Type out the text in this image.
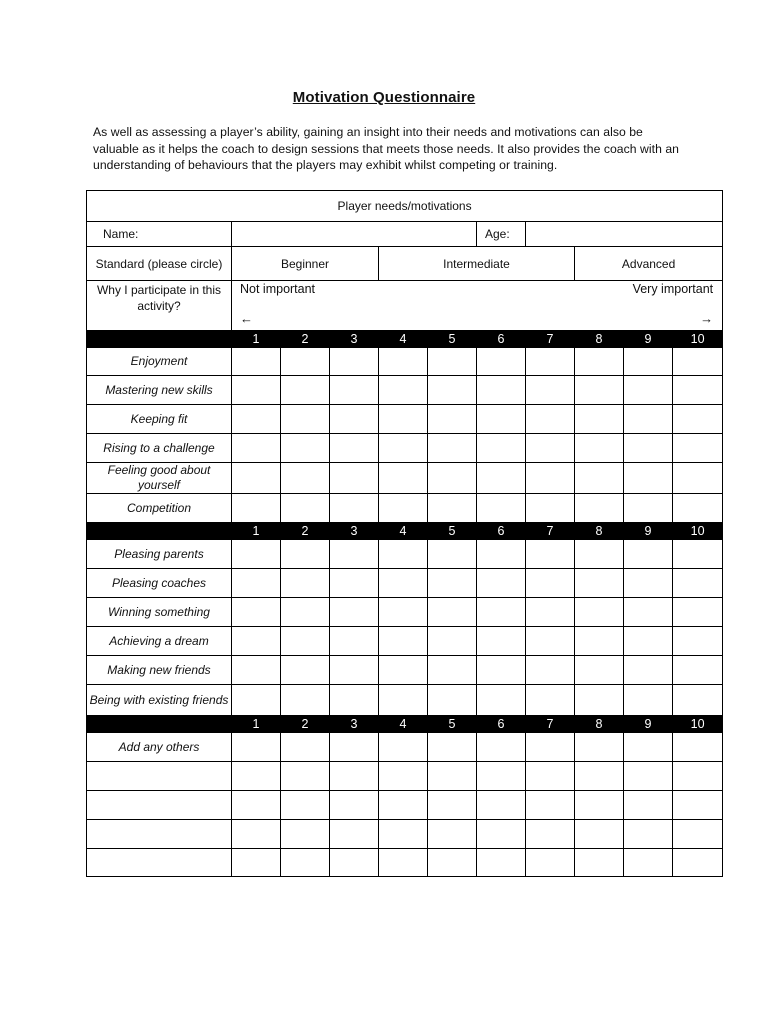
Motivation Questionnaire
As well as assessing a player’s ability, gaining an insight into their needs and motivations can also be valuable as it helps the coach to design sessions that meets those needs. It also provides the coach with an understanding of behaviours that the players may exhibit whilst competing or training.
Player needs/motivations										
Name:						Age:				
Standard (please circle)	Beginner			Intermediate				Advanced		
Why I participate in this activity?	Not important Very important
← →									

	1	2	3	4	5	6	7	8	9	10
Enjoyment										
Mastering new skills										
Keeping fit										
Rising to a challenge										
Feeling good about yourself										
Competition										
	1	2	3	4	5	6	7	8	9	10
Pleasing parents										
Pleasing coaches										
Winning something										
Achieving a dream										
Making new friends										
Being with existing friends										
	1	2	3	4	5	6	7	8	9	10
Add any others										
